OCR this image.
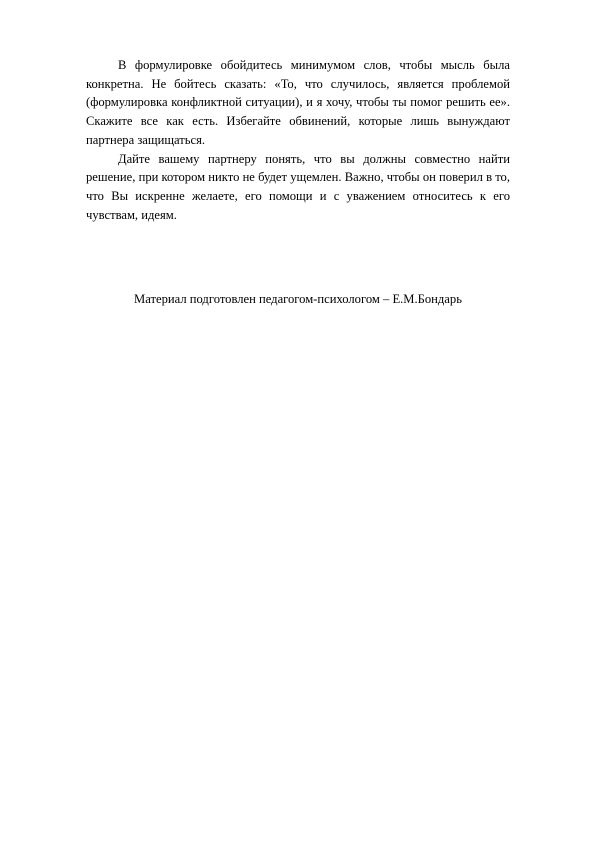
В формулировке обойдитесь минимумом слов, чтобы мысль была конкретна. Не бойтесь сказать: «То, что случилось, является проблемой (формулировка конфликтной ситуации), и я хочу, чтобы ты помог решить ее». Скажите все как есть. Избегайте обвинений, которые лишь вынуждают партнера защищаться.

Дайте вашему партнеру понять, что вы должны совместно найти решение, при котором никто не будет ущемлен. Важно, чтобы он поверил в то, что Вы искренне желаете, его помощи и с уважением относитесь к его чувствам, идеям.

Материал подготовлен педагогом-психологом – Е.М.Бондарь
